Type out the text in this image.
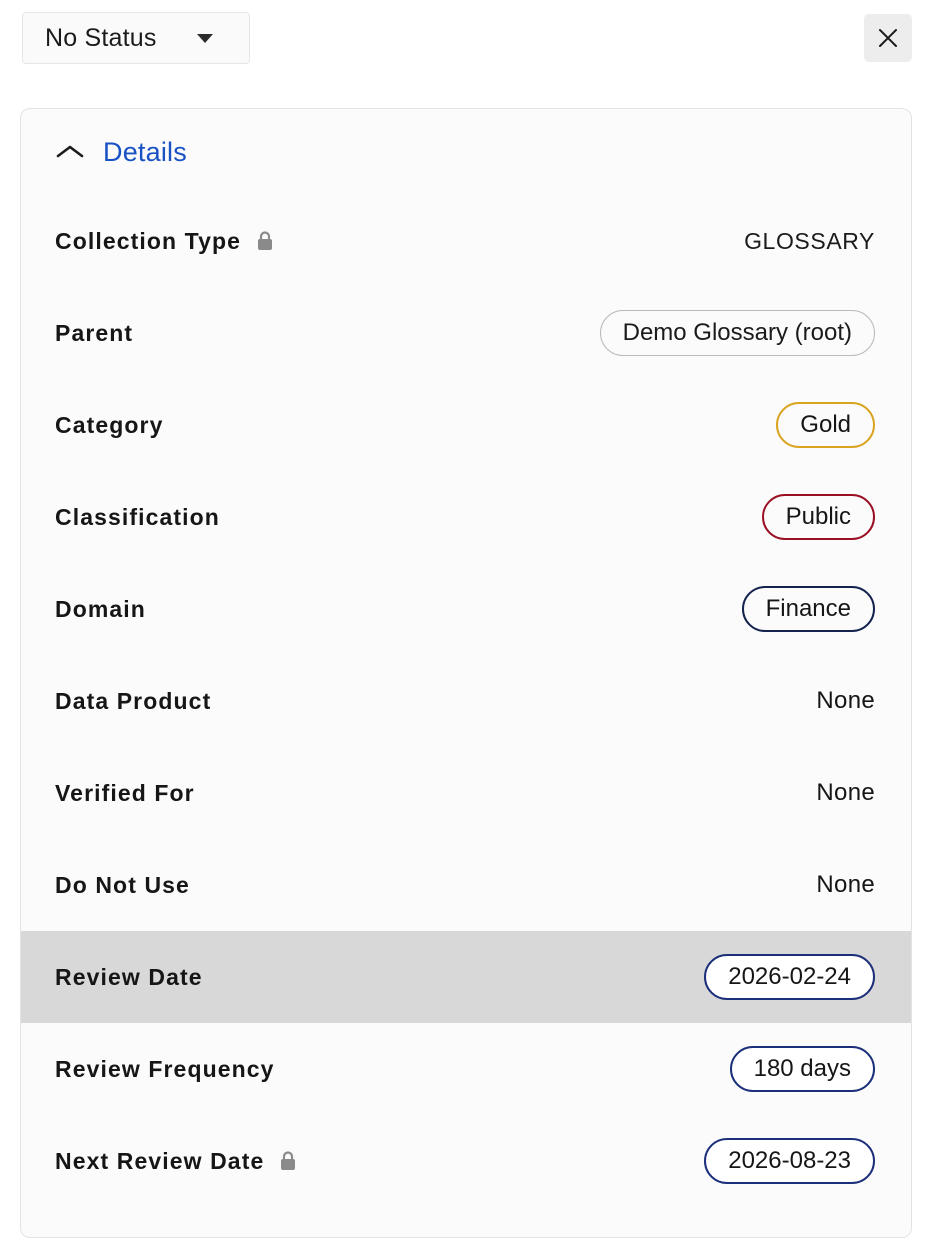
No Status
Details
Collection Type	GLOSSARY
Parent	Demo Glossary (root)
Category	Gold
Classification	Public
Domain	Finance
Data Product	None
Verified For	None
Do Not Use	None
Review Date	2026-02-24
Review Frequency	180 days
Next Review Date	2026-08-23
